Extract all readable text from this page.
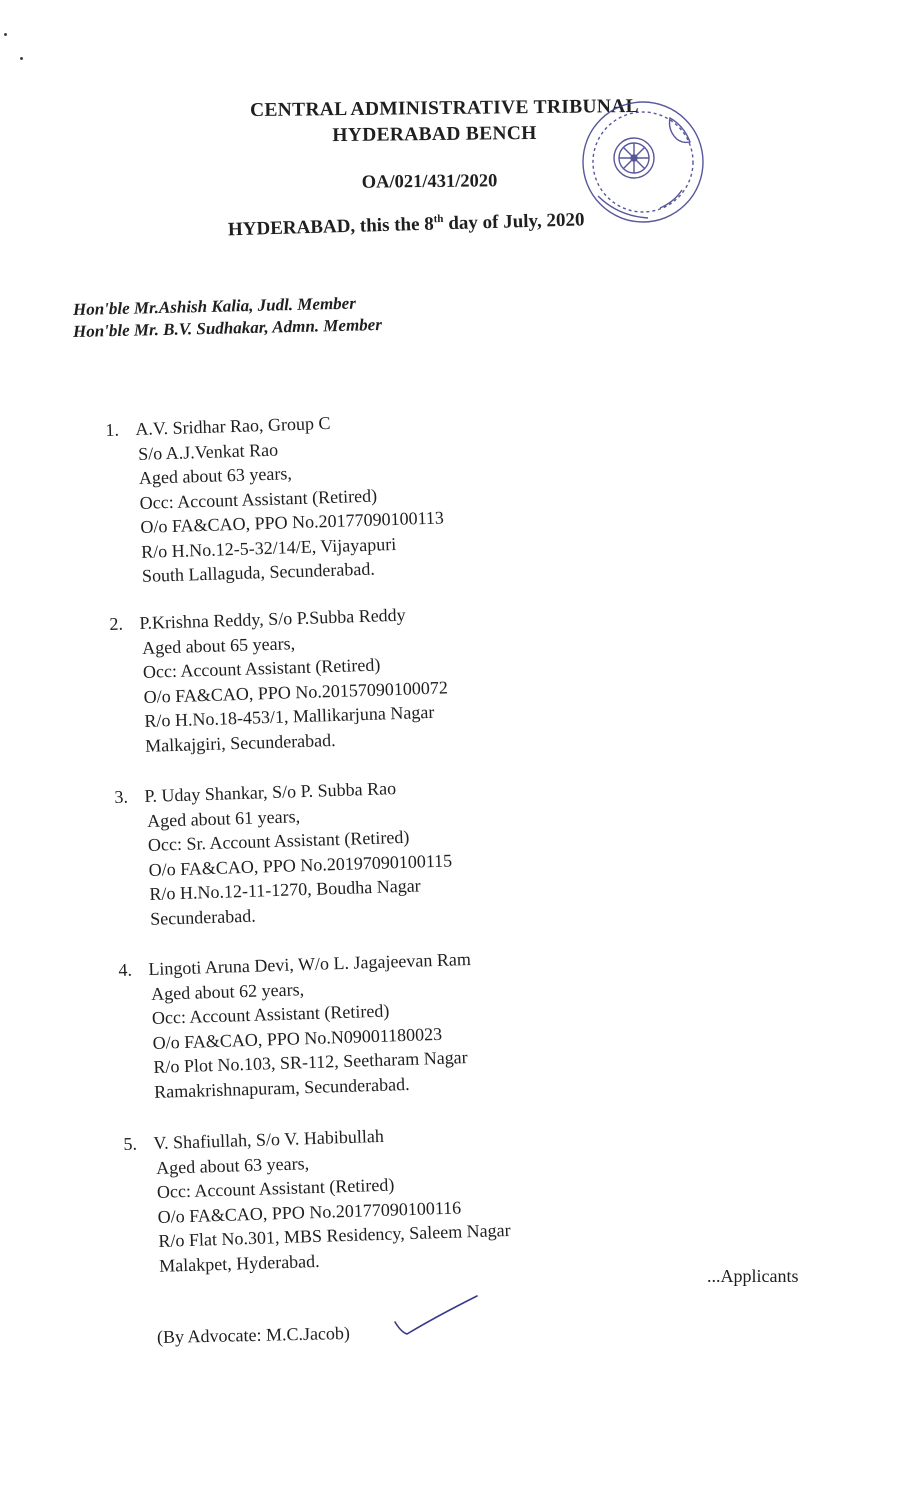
CENTRAL ADMINISTRATIVE TRIBUNAL
HYDERABAD BENCH
OA/021/431/2020
HYDERABAD, this the 8th day of July, 2020
Hon'ble Mr.Ashish Kalia, Judl. Member
Hon'ble Mr. B.V. Sudhakar, Admn. Member
1. A.V. Sridhar Rao, Group C
S/o A.J.Venkat Rao
Aged about 63 years,
Occ: Account Assistant (Retired)
O/o FA&CAO, PPO No.20177090100113
R/o H.No.12-5-32/14/E, Vijayapuri
South Lallaguda, Secunderabad.
2. P.Krishna Reddy, S/o P.Subba Reddy
Aged about 65 years,
Occ: Account Assistant (Retired)
O/o FA&CAO, PPO No.20157090100072
R/o H.No.18-453/1, Mallikarjuna Nagar
Malkajgiri, Secunderabad.
3. P. Uday Shankar, S/o P. Subba Rao
Aged about 61 years,
Occ: Sr. Account Assistant (Retired)
O/o FA&CAO, PPO No.20197090100115
R/o H.No.12-11-1270, Boudha Nagar
Secunderabad.
4. Lingoti Aruna Devi, W/o L. Jagajeevan Ram
Aged about 62 years,
Occ: Account Assistant (Retired)
O/o FA&CAO, PPO No.N09001180023
R/o Plot No.103, SR-112, Seetharam Nagar
Ramakrishnapuram, Secunderabad.
5. V. Shafiullah, S/o V. Habibullah
Aged about 63 years,
Occ: Account Assistant (Retired)
O/o FA&CAO, PPO No.20177090100116
R/o Flat No.301, MBS Residency, Saleem Nagar
Malakpet, Hyderabad.
...Applicants
(By Advocate: M.C.Jacob)
